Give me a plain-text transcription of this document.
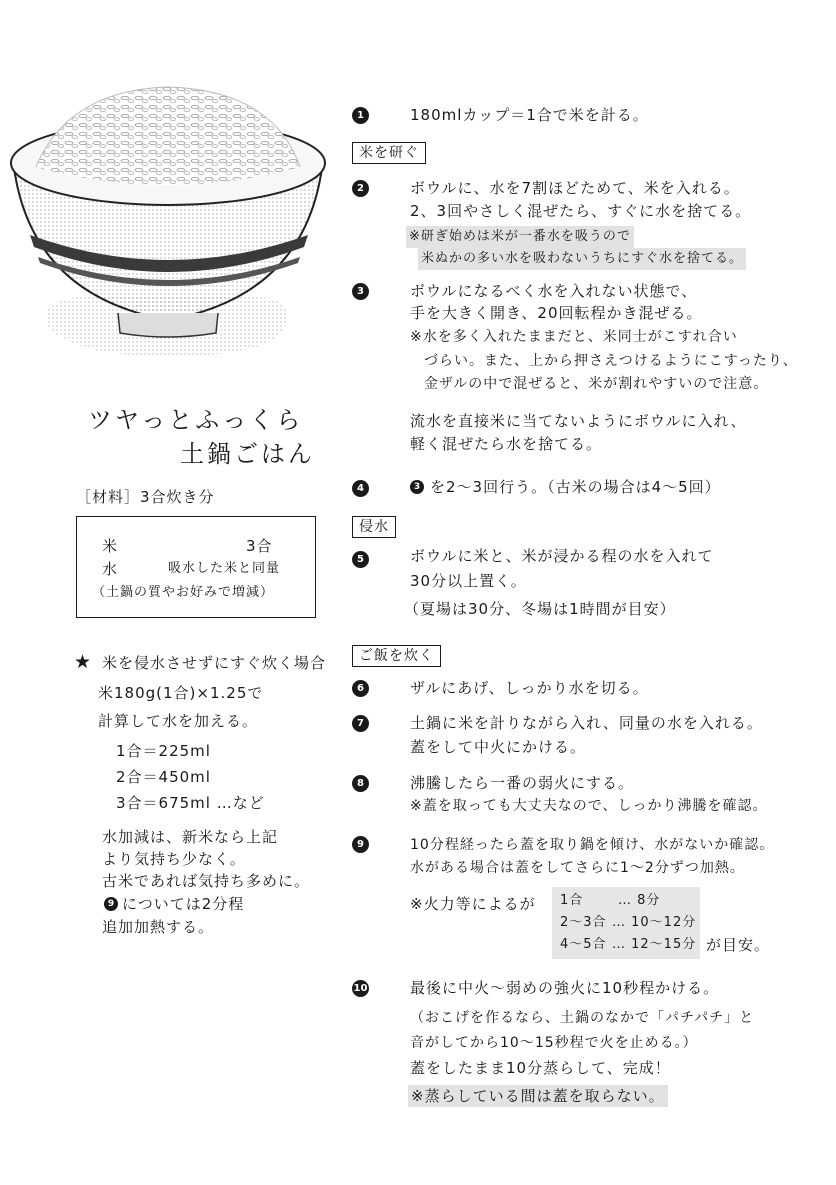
ツヤっとふっくら
土鍋ごはん
［材料］3合炊き分
米	3合
水	吸水した米と同量
（土鍋の質やお好みで増減）
★ 米を侵水させずにすぐ炊く場合
米180g(1合)×1.25で
計算して水を加える。
1合＝225ml
2合＝450ml
3合＝675ml …など
水加減は、新米なら上記
より気持ち少なく。
古米であれば気持ち多めに。
9 については2分程
追加加熱する。
1	180mlカップ＝1合で米を計る。
米を研ぐ
2	ボウルに、水を7割ほどためて、米を入れる。
2、3回やさしく混ぜたら、すぐに水を捨てる。
※研ぎ始めは米が一番水を吸うので
米ぬかの多い水を吸わないうちにすぐ水を捨てる。
3	ボウルになるべく水を入れない状態で、
手を大きく開き、20回転程かき混ぜる。
※水を多く入れたままだと、米同士がこすれ合い
づらい。また、上から押さえつけるようにこすったり、
金ザルの中で混ぜると、米が割れやすいので注意。
流水を直接米に当てないようにボウルに入れ、
軽く混ぜたら水を捨てる。
4	3 を2〜3回行う。（古米の場合は4〜5回）
侵水
5	ボウルに米と、米が浸かる程の水を入れて
30分以上置く。
（夏場は30分、冬場は1時間が目安）
ご飯を炊く
6	ザルにあげ、しっかり水を切る。
7	土鍋に米を計りながら入れ、同量の水を入れる。
蓋をして中火にかける。
8	沸騰したら一番の弱火にする。
※蓋を取っても大丈夫なので、しっかり沸騰を確認。
9	10分程経ったら蓋を取り鍋を傾け、水がないか確認。
水がある場合は蓋をしてさらに1〜2分ずつ加熱。
※火力等によるが 1合	… 8分
2〜3合 … 10〜12分
4〜5合 … 12〜15分 が目安。
10	最後に中火〜弱めの強火に10秒程かける。
（おこげを作るなら、土鍋のなかで「パチパチ」と
音がしてから10〜15秒程で火を止める。）
蓋をしたまま10分蒸らして、完成！
※蒸らしている間は蓋を取らない。
